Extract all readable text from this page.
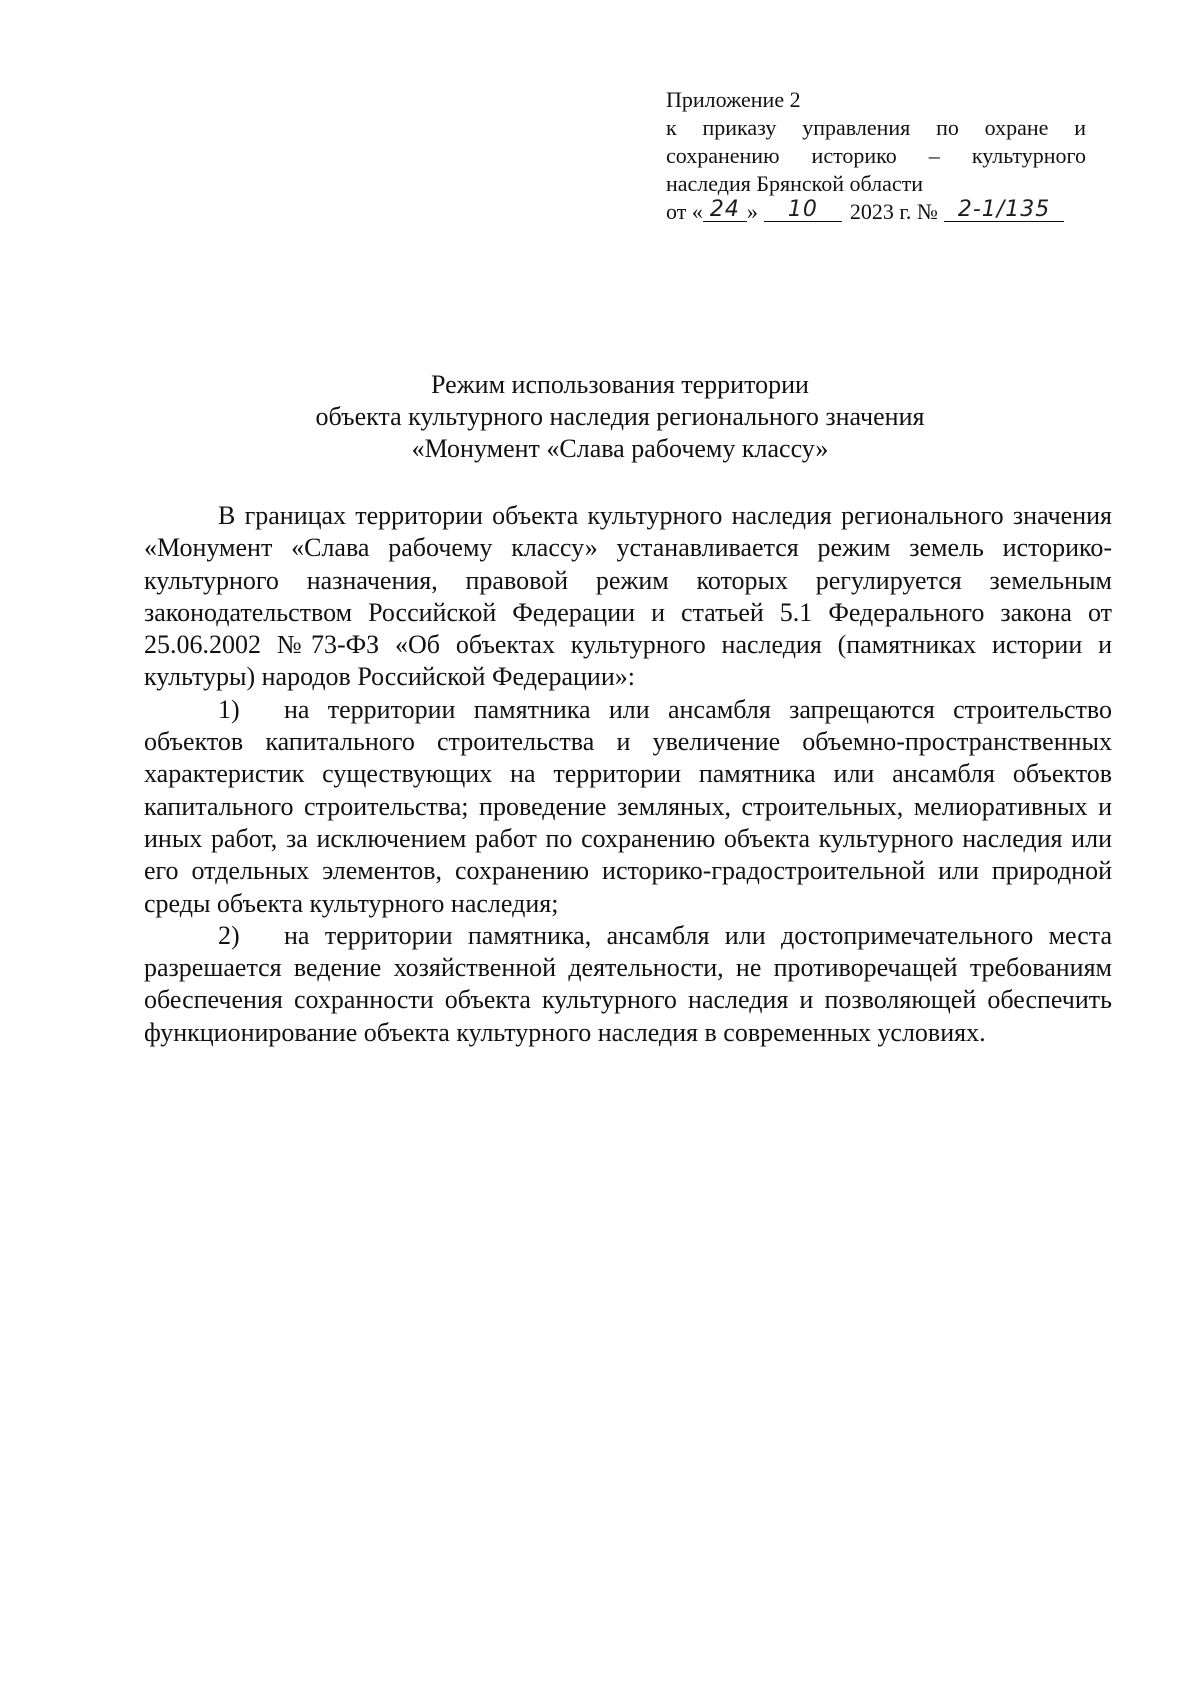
Приложение 2
к приказу управления по охране и
сохранению историко – культурного
наследия Брянской области
от « 24 »	10	2023 г. № 2-1/135
Режим использования территории
объекта культурного наследия регионального значения
«Монумент «Слава рабочему классу»

В границах территории объекта культурного наследия регионального значения «Монумент «Слава рабочему классу» устанавливается режим земель историко-культурного назначения, правовой режим которых регулируется земельным законодательством Российской Федерации и статьей 5.1 Федерального закона от 25.06.2002 №73-ФЗ «Об объектах культурного наследия (памятниках истории и культуры) народов Российской Федерации»:

1) на территории памятника или ансамбля запрещаются строительство объектов капитального строительства и увеличение объемно-пространственных характеристик существующих на территории памятника или ансамбля объектов капитального строительства; проведение земляных, строительных, мелиоративных и иных работ, за исключением работ по сохранению объекта культурного наследия или его отдельных элементов, сохранению историко-градостроительной или природной среды объекта культурного наследия;

2) на территории памятника, ансамбля или достопримечательного места разрешается ведение хозяйственной деятельности, не противоречащей требованиям обеспечения сохранности объекта культурного наследия и позволяющей обеспечить функционирование объекта культурного наследия в современных условиях.
